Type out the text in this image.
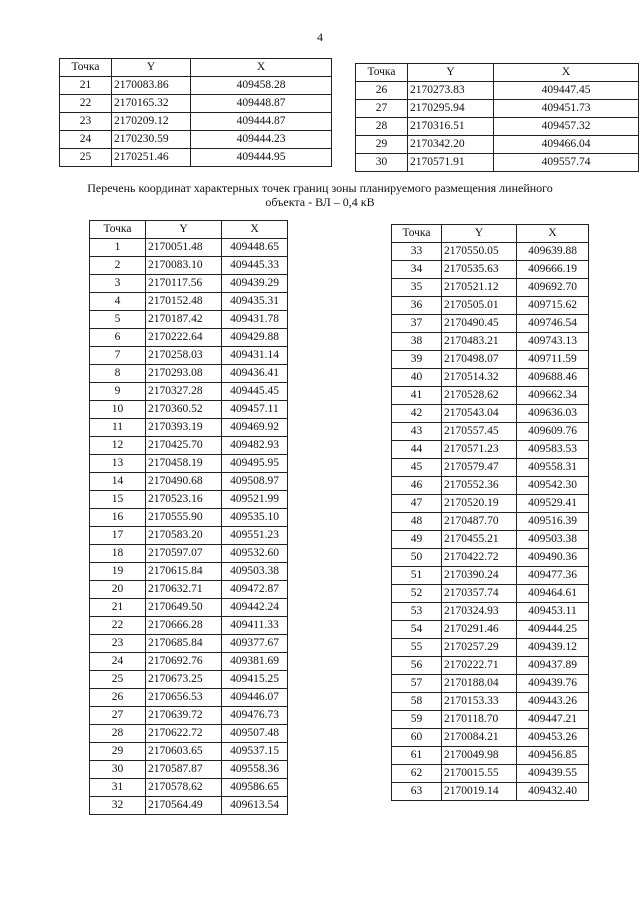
4
Точка	Y	X
21	2170083.86	409458.28
22	2170165.32	409448.87
23	2170209.12	409444.87
24	2170230.59	409444.23
25	2170251.46	409444.95
Точка	Y	X
26	2170273.83	409447.45
27	2170295.94	409451.73
28	2170316.51	409457.32
29	2170342.20	409466.04
30	2170571.91	409557.74
Перечень координат характерных точек границ зоны планируемого размещения линейного объекта - ВЛ – 0,4 кВ
Точка	Y	X
1	2170051.48	409448.65
2	2170083.10	409445.33
3	2170117.56	409439.29
4	2170152.48	409435.31
5	2170187.42	409431.78
6	2170222.64	409429.88
7	2170258.03	409431.14
8	2170293.08	409436.41
9	2170327.28	409445.45
10	2170360.52	409457.11
11	2170393.19	409469.92
12	2170425.70	409482.93
13	2170458.19	409495.95
14	2170490.68	409508.97
15	2170523.16	409521.99
16	2170555.90	409535.10
17	2170583.20	409551.23
18	2170597.07	409532.60
19	2170615.84	409503.38
20	2170632.71	409472.87
21	2170649.50	409442.24
22	2170666.28	409411.33
23	2170685.84	409377.67
24	2170692.76	409381.69
25	2170673.25	409415.25
26	2170656.53	409446.07
27	2170639.72	409476.73
28	2170622.72	409507.48
29	2170603.65	409537.15
30	2170587.87	409558.36
31	2170578.62	409586.65
32	2170564.49	409613.54
Точка	Y	X
33	2170550.05	409639.88
34	2170535.63	409666.19
35	2170521.12	409692.70
36	2170505.01	409715.62
37	2170490.45	409746.54
38	2170483.21	409743.13
39	2170498.07	409711.59
40	2170514.32	409688.46
41	2170528.62	409662.34
42	2170543.04	409636.03
43	2170557.45	409609.76
44	2170571.23	409583.53
45	2170579.47	409558.31
46	2170552.36	409542.30
47	2170520.19	409529.41
48	2170487.70	409516.39
49	2170455.21	409503.38
50	2170422.72	409490.36
51	2170390.24	409477.36
52	2170357.74	409464.61
53	2170324.93	409453.11
54	2170291.46	409444.25
55	2170257.29	409439.12
56	2170222.71	409437.89
57	2170188.04	409439.76
58	2170153.33	409443.26
59	2170118.70	409447.21
60	2170084.21	409453.26
61	2170049.98	409456.85
62	2170015.55	409439.55
63	2170019.14	409432.40
